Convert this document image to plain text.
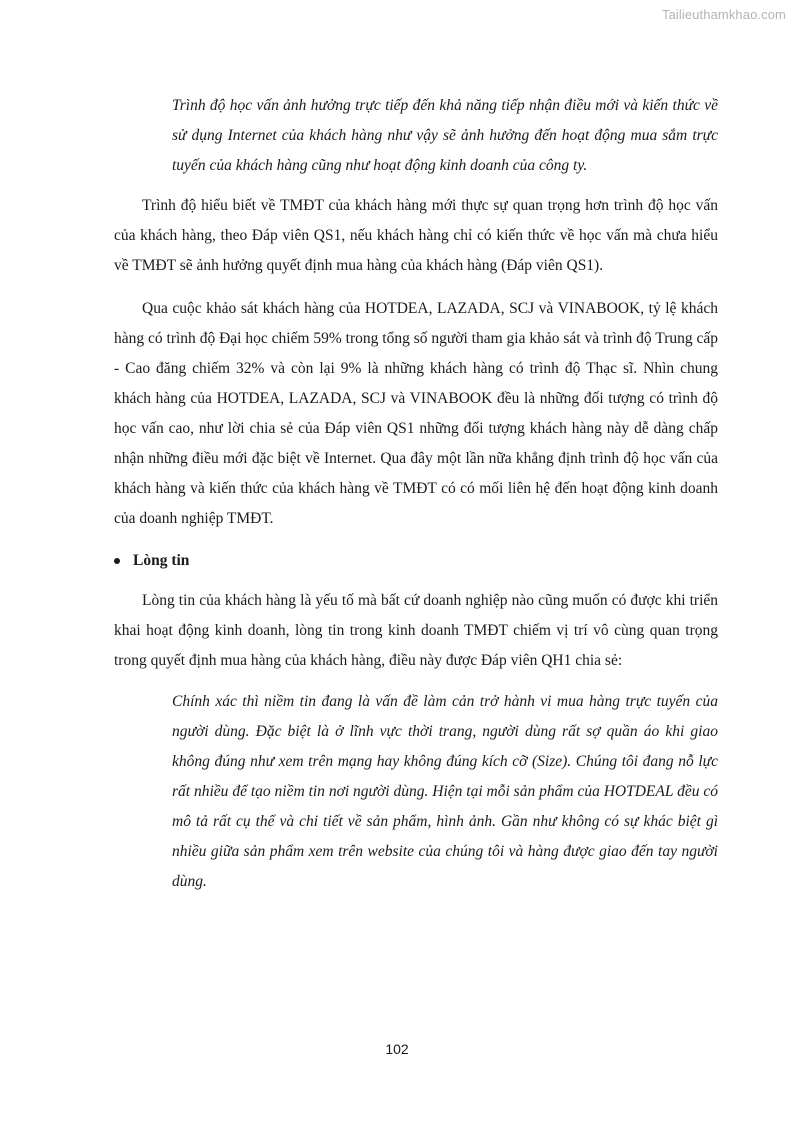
Tailieuthamkhao.com

Trình độ học vấn ảnh hưởng trực tiếp đến khả năng tiếp nhận điều mới và kiến thức về sử dụng Internet của khách hàng như vậy sẽ ảnh hưởng đến hoạt động mua sắm trực tuyến của khách hàng cũng như hoạt động kinh doanh của công ty.

Trình độ hiểu biết về TMĐT của khách hàng mới thực sự quan trọng hơn trình độ học vấn của khách hàng, theo Đáp viên QS1, nếu khách hàng chỉ có kiến thức về học vấn mà chưa hiểu về TMĐT sẽ ảnh hưởng quyết định mua hàng của khách hàng (Đáp viên QS1).

Qua cuộc khảo sát khách hàng của HOTDEA, LAZADA, SCJ và VINABOOK, tỷ lệ khách hàng có trình độ Đại học chiếm 59% trong tổng số người tham gia khảo sát và trình độ Trung cấp - Cao đăng chiếm 32% và còn lại 9% là những khách hàng có trình độ Thạc sĩ. Nhìn chung khách hàng của HOTDEA, LAZADA, SCJ và VINABOOK đều là những đối tượng có trình độ học vấn cao, như lời chia sẻ của Đáp viên QS1 những đối tượng khách hàng này dễ dàng chấp nhận những điều mới đặc biệt về Internet. Qua đây một lần nữa khẳng định trình độ học vấn của khách hàng và kiến thức của khách hàng về TMĐT có có mối liên hệ đến hoạt động kinh doanh của doanh nghiệp TMĐT.

Lòng tin

Lòng tin của khách hàng là yếu tố mà bất cứ doanh nghiệp nào cũng muốn có được khi triển khai hoạt động kinh doanh, lòng tin trong kinh doanh TMĐT chiếm vị trí vô cùng quan trọng trong quyết định mua hàng của khách hàng, điều này được Đáp viên QH1 chia sẻ:

Chính xác thì niềm tin đang là vấn đề làm cản trở hành vi mua hàng trực tuyến của người dùng. Đặc biệt là ở lĩnh vực thời trang, người dùng rất sợ quần áo khi giao không đúng như xem trên mạng hay không đúng kích cỡ (Size). Chúng tôi đang nỗ lực rất nhiều để tạo niềm tin nơi người dùng. Hiện tại mỗi sản phẩm của HOTDEAL đều có mô tả rất cụ thể và chi tiết về sản phẩm, hình ảnh. Gần như không có sự khác biệt gì nhiều giữa sản phẩm xem trên website của chúng tôi và hàng được giao đến tay người dùng.

102
